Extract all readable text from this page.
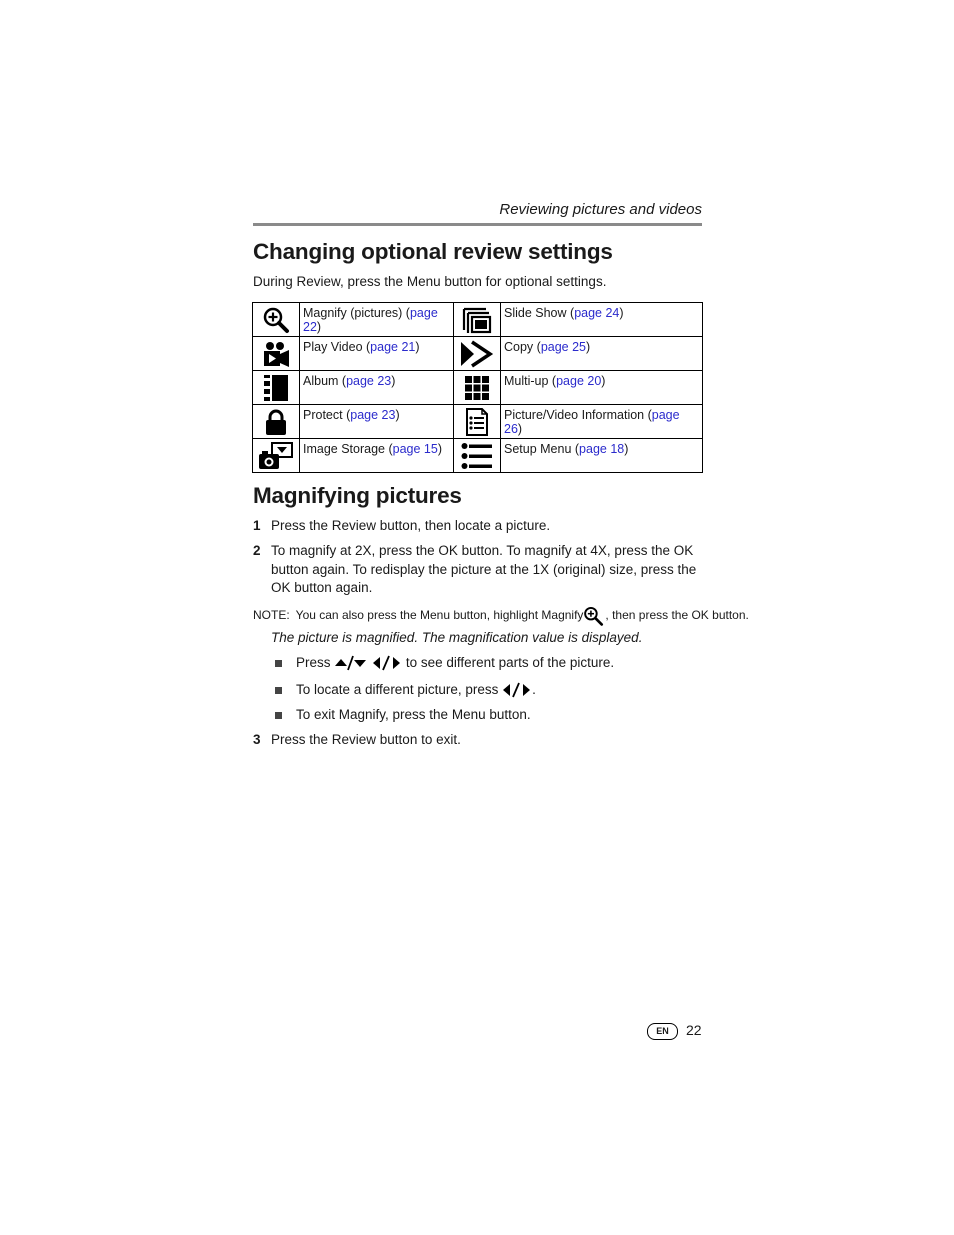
Reviewing pictures and videos
Changing optional review settings
During Review, press the Menu button for optional settings.
	Magnify (pictures) (page 22)		Slide Show (page 24)

	Play Video (page 21)		Copy (page 25)

	Album (page 23)		Multi-up (page 20)

	Protect (page 23)		Picture/Video Information (page 26)

	Image Storage (page 15)		Setup Menu (page 18)
Magnifying pictures
1 Press the Review button, then locate a picture.
2 To magnify at 2X, press the OK button. To magnify at 4X, press the OK button again. To redisplay the picture at the 1X (original) size, press the OK button again.
NOTE: You can also press the Menu button, highlight Magnify , then press the OK button.
The picture is magnified. The magnification value is displayed.
Press	to see different parts of the picture.
To locate a different picture, press	.
To exit Magnify, press the Menu button.
3 Press the Review button to exit.
EN	22
